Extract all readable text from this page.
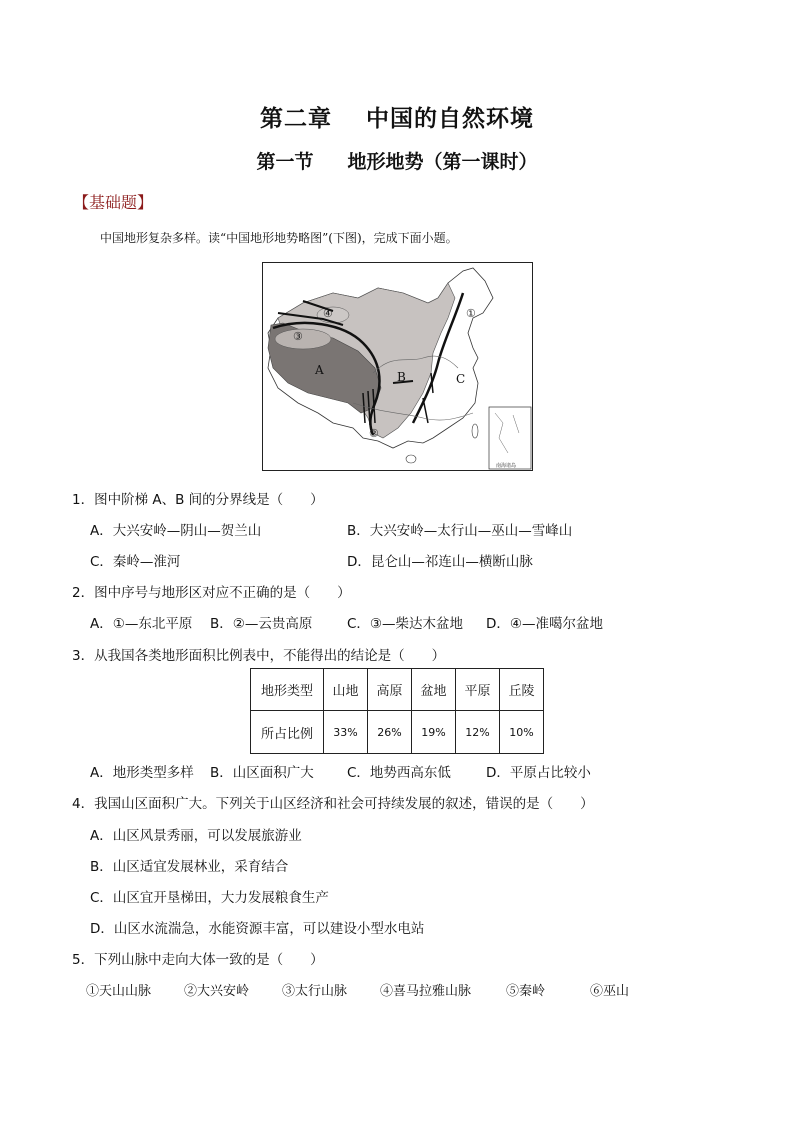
第二章 中国的自然环境
第一节 地形地势（第一课时）
【基础题】
中国地形复杂多样。读“中国地形地势略图”(下图)，完成下面小题。
南海诸岛
①
②
③
④
A	B	C
1．图中阶梯 A、B 间的分界线是（　　）
A．大兴安岭—阴山—贺兰山	B．大兴安岭—太行山—巫山—雪峰山
C．秦岭—淮河	D．昆仑山—祁连山—横断山脉
2．图中序号与地形区对应不正确的是（　　）
A．①—东北平原 B．②—云贵高原	C．③—柴达木盆地 D．④—准噶尔盆地
3．从我国各类地形面积比例表中，不能得出的结论是（　　）
地形类型	山地	高原	盆地	平原	丘陵
所占比例	33%	26%	19%	12%	10%
A．地形类型多样 B．山区面积广大 C．地势西高东低	D．平原占比较小
4．我国山区面积广大。下列关于山区经济和社会可持续发展的叙述，错误的是（　　）
A．山区风景秀丽，可以发展旅游业
B．山区适宜发展林业，采育结合
C．山区宜开垦梯田，大力发展粮食生产
D．山区水流湍急，水能资源丰富，可以建设小型水电站
5．下列山脉中走向大体一致的是（　　）
①天山山脉	②大兴安岭	③太行山脉	④喜马拉雅山脉	⑤秦岭	⑥巫山
